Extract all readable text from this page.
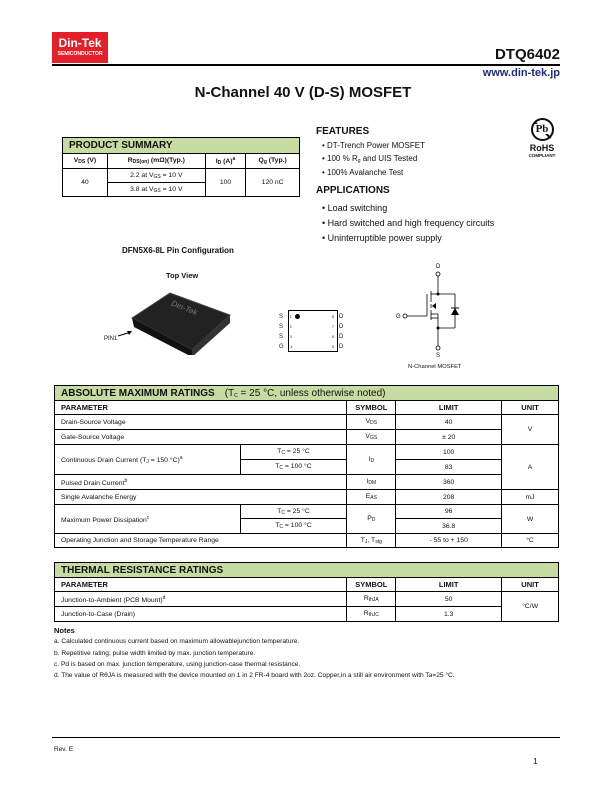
Din-Tek
SEMICONDUCTOR	DTQ6402
www.din-tek.jp
N-Channel 40 V (D-S) MOSFET
PRODUCT SUMMARY			
$V_{DS}$ (V)	$R_{DS(on)}$ (mΩ)(Typ.)	$I_D$ $(A)^a$	$Q_g$ (Typ.)
40	2.2 at $V_{GS} = 10$ V	100	120 nC
	3.8 at $V_{GS} = 10$ V		
FEATURES
• DT-Trench Power MOSFET
• 100 % $R_g$ and UIS Tested
• 100% Avalanche Test
APPLICATIONS
• Load switching
• Hard switched and high frequency circuits
• Uninterruptible power supply
Pb
RoHS
COMPLIANT
DFN5X6-8L Pin Configuration
Top View
Din-Tek
PIN1
S 1
S 2
S 3
G 4
8 D
7 D
6 D
5 D
D
G
S
N-Channel MOSFET
ABSOLUTE MAXIMUM RATINGS ($T_C = 25$ °C, unless otherwise noted)				
PARAMETER		SYMBOL	LIMIT	UNIT
Drain-Source Voltage		$V_{DS}$	40	V
Gate-Source Voltage		$V_{GS}$	± 20	
Continuous Drain Current ($T_J = 150$ °C)$^a$	$T_C = 25$ °C	$I_D$	100	A
	$T_C = 100$ °C		83	
Pulsed Drain Current$^b$		$I_{DM}$	360	
Single Avalanche Energy		$E_{AS}$	208	mJ
Maximum Power Dissipation$^c$	$T_C = 25$ °C	$P_D$	96	W
	$T_C = 100$ °C		36.8	
Operating Junction and Storage Temperature Range		$T_J$, $T_{stg}$	- 55 to + 150	°C
THERMAL RESISTANCE RATINGS			
PARAMETER	SYMBOL	LIMIT	UNIT
Junction-to-Ambient (PCB Mount)$^d$	$R_{thJA}$	50	°C/W
Junction-to-Case (Drain)	$R_{thJC}$	1.3	
Notes
a. Calculated continuous current based on maximum allowablejunction temperature.
b. Repetitive rating; pulse width limited by max. junction temperature.
c. Pd is based on max. junction temperature, using junction-case thermal resistance.
d. The value of RθJA is measured with the device mounted on 1 in 2 FR-4 board with 2oz. Copper,in a still air environment with Ta=25 °C.
Rev. E
1
